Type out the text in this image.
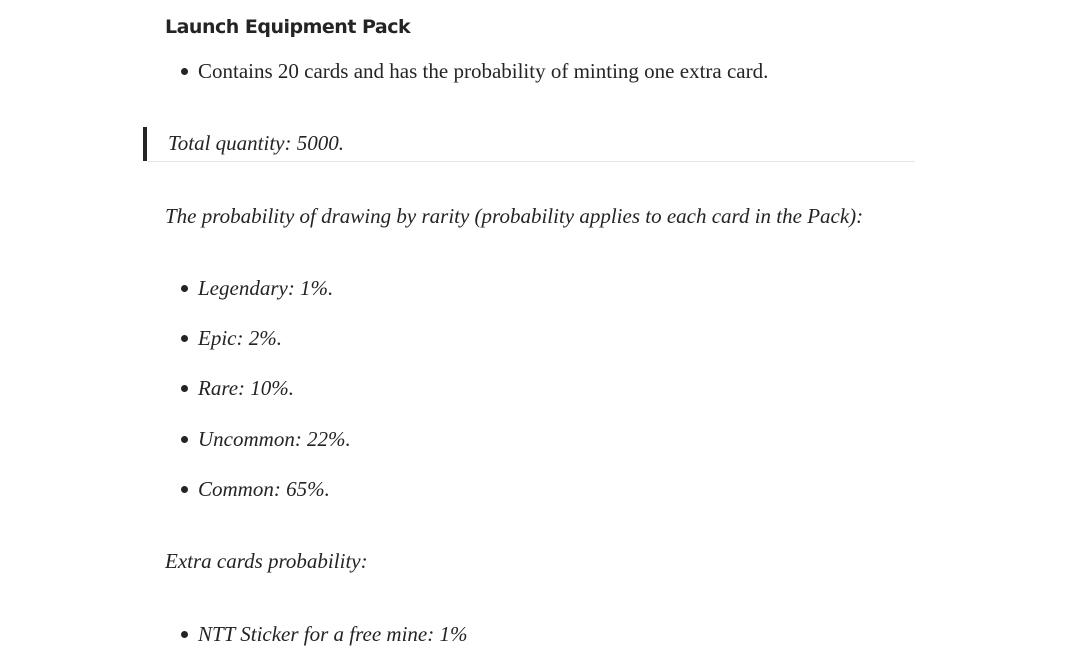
Launch Equipment Pack
Contains 20 cards and has the probability of minting one extra card.

Total quantity: 5000.

The probability of drawing by rarity (probability applies to each card in the Pack):

Legendary: 1%.
Epic: 2%.
Rare: 10%.
Uncommon: 22%.
Common: 65%.

Extra cards probability:

NTT Sticker for a free mine: 1%
